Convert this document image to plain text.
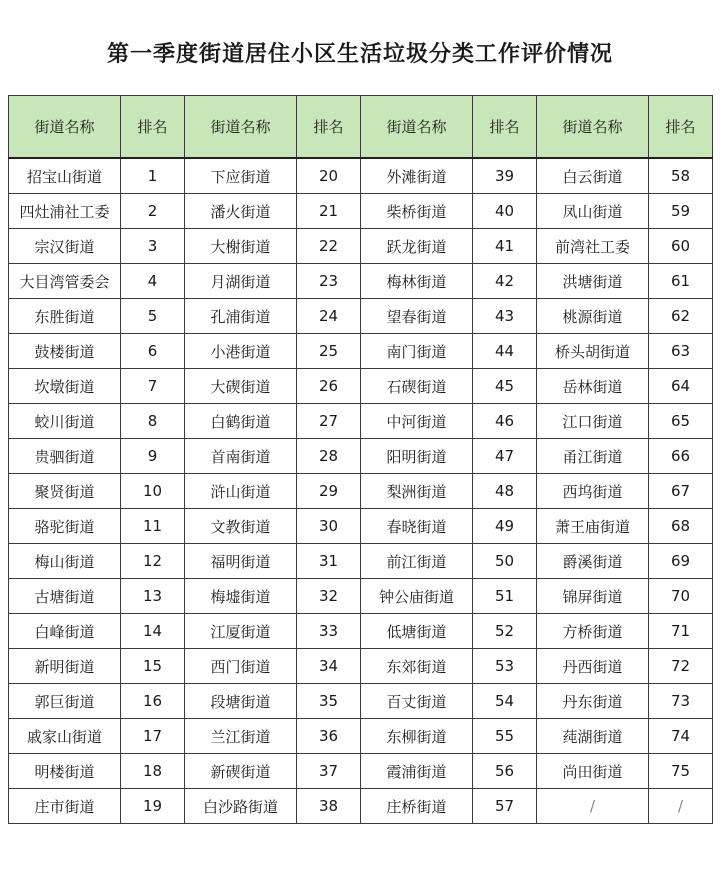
第一季度街道居住小区生活垃圾分类工作评价情况
街道名称	排名	街道名称	排名	街道名称	排名	街道名称	排名
招宝山街道	1	下应街道	20	外滩街道	39	白云街道	58
四灶浦社工委	2	潘火街道	21	柴桥街道	40	凤山街道	59
宗汉街道	3	大榭街道	22	跃龙街道	41	前湾社工委	60
大目湾管委会	4	月湖街道	23	梅林街道	42	洪塘街道	61
东胜街道	5	孔浦街道	24	望春街道	43	桃源街道	62
鼓楼街道	6	小港街道	25	南门街道	44	桥头胡街道	63
坎墩街道	7	大碶街道	26	石碶街道	45	岳林街道	64
蛟川街道	8	白鹤街道	27	中河街道	46	江口街道	65
贵驷街道	9	首南街道	28	阳明街道	47	甬江街道	66
聚贤街道	10	浒山街道	29	梨洲街道	48	西坞街道	67
骆驼街道	11	文教街道	30	春晓街道	49	萧王庙街道	68
梅山街道	12	福明街道	31	前江街道	50	爵溪街道	69
古塘街道	13	梅墟街道	32	钟公庙街道	51	锦屏街道	70
白峰街道	14	江厦街道	33	低塘街道	52	方桥街道	71
新明街道	15	西门街道	34	东郊街道	53	丹西街道	72
郭巨街道	16	段塘街道	35	百丈街道	54	丹东街道	73
戚家山街道	17	兰江街道	36	东柳街道	55	莼湖街道	74
明楼街道	18	新碶街道	37	霞浦街道	56	尚田街道	75
庄市街道	19	白沙路街道	38	庄桥街道	57	/	/
